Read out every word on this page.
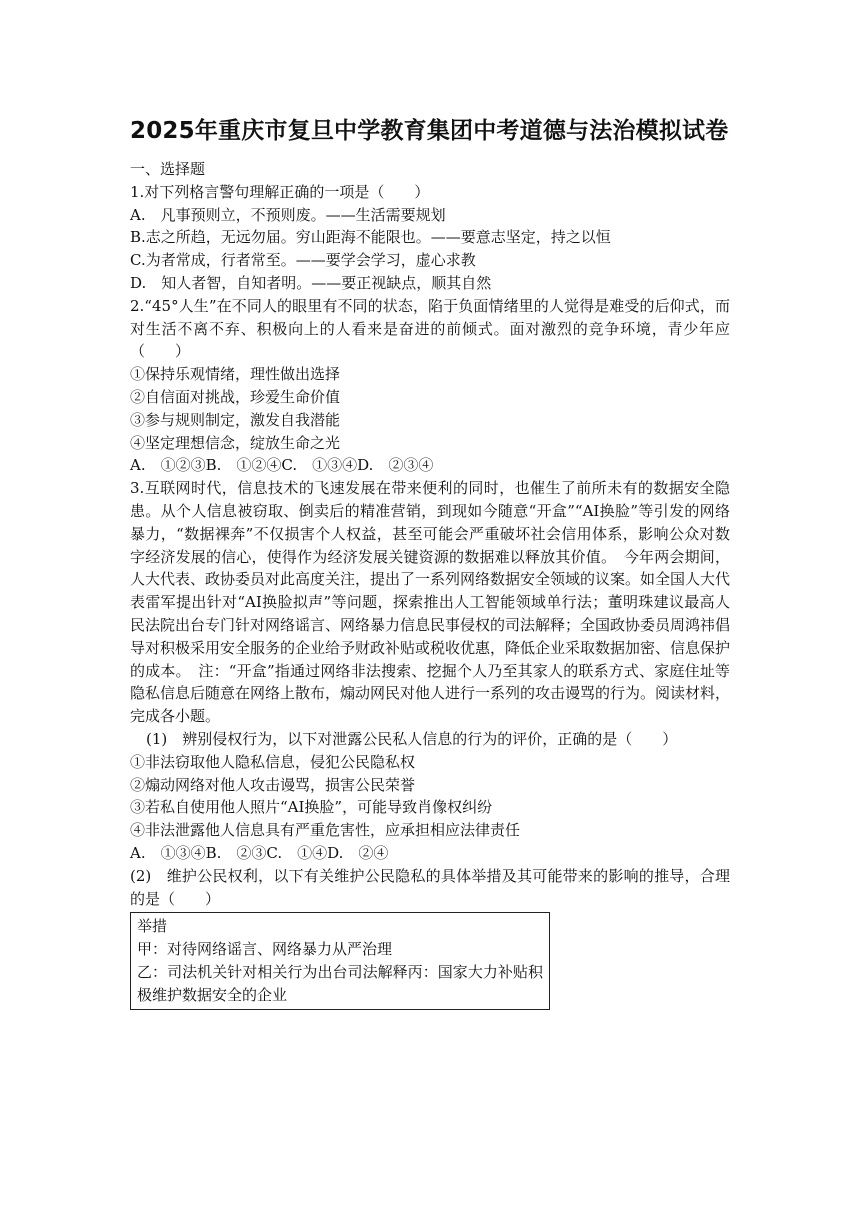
2025年重庆市复旦中学教育集团中考道德与法治模拟试卷

一、选择题

1.对下列格言警句理解正确的一项是（　　）

A.　凡事预则立，不预则废。——生活需要规划

B.志之所趋，无远勿届。穷山距海不能限也。——要意志坚定，持之以恒

C.为者常成，行者常至。——要学会学习，虚心求教

D.　知人者智，自知者明。——要正视缺点，顺其自然

2.“45°人生”在不同人的眼里有不同的状态，陷于负面情绪里的人觉得是难受的后仰式，而对生活不离不弃、积极向上的人看来是奋进的前倾式。面对激烈的竞争环境，青少年应（　　）

①保持乐观情绪，理性做出选择

②自信面对挑战，珍爱生命价值

③参与规则制定，激发自我潜能

④坚定理想信念，绽放生命之光

A.　①②③B.　①②④C.　①③④D.　②③④

3.互联网时代，信息技术的飞速发展在带来便利的同时，也催生了前所未有的数据安全隐患。从个人信息被窃取、倒卖后的精准营销，到现如今随意“开盒”“AI换脸”等引发的网络暴力，“数据裸奔”不仅损害个人权益，甚至可能会严重破坏社会信用体系，影响公众对数字经济发展的信心，使得作为经济发展关键资源的数据难以释放其价值。　今年两会期间，人大代表、政协委员对此高度关注，提出了一系列网络数据安全领域的议案。如全国人大代表雷军提出针对“AI换脸拟声”等问题，探索推出人工智能领域单行法；董明珠建议最高人民法院出台专门针对网络谣言、网络暴力信息民事侵权的司法解释；全国政协委员周鸿祎倡导对积极采用安全服务的企业给予财政补贴或税收优惠，降低企业采取数据加密、信息保护的成本。　注：“开盒”指通过网络非法搜索、挖掘个人乃至其家人的联系方式、家庭住址等隐私信息后随意在网络上散布，煽动网民对他人进行一系列的攻击谩骂的行为。阅读材料，完成各小题。

(1)　辨别侵权行为，以下对泄露公民私人信息的行为的评价，正确的是（　　）

①非法窃取他人隐私信息，侵犯公民隐私权

②煽动网络对他人攻击谩骂，损害公民荣誉

③若私自使用他人照片“AI换脸”，可能导致肖像权纠纷

④非法泄露他人信息具有严重危害性，应承担相应法律责任

A.　①③④B.　②③C.　①④D.　②④

(2)　维护公民权利，以下有关维护公民隐私的具体举措及其可能带来的影响的推导，合理的是（　　）

举措

甲：对待网络谣言、网络暴力从严治理

乙：司法机关针对相关行为出台司法解释丙：国家大力补贴积极维护数据安全的企业
